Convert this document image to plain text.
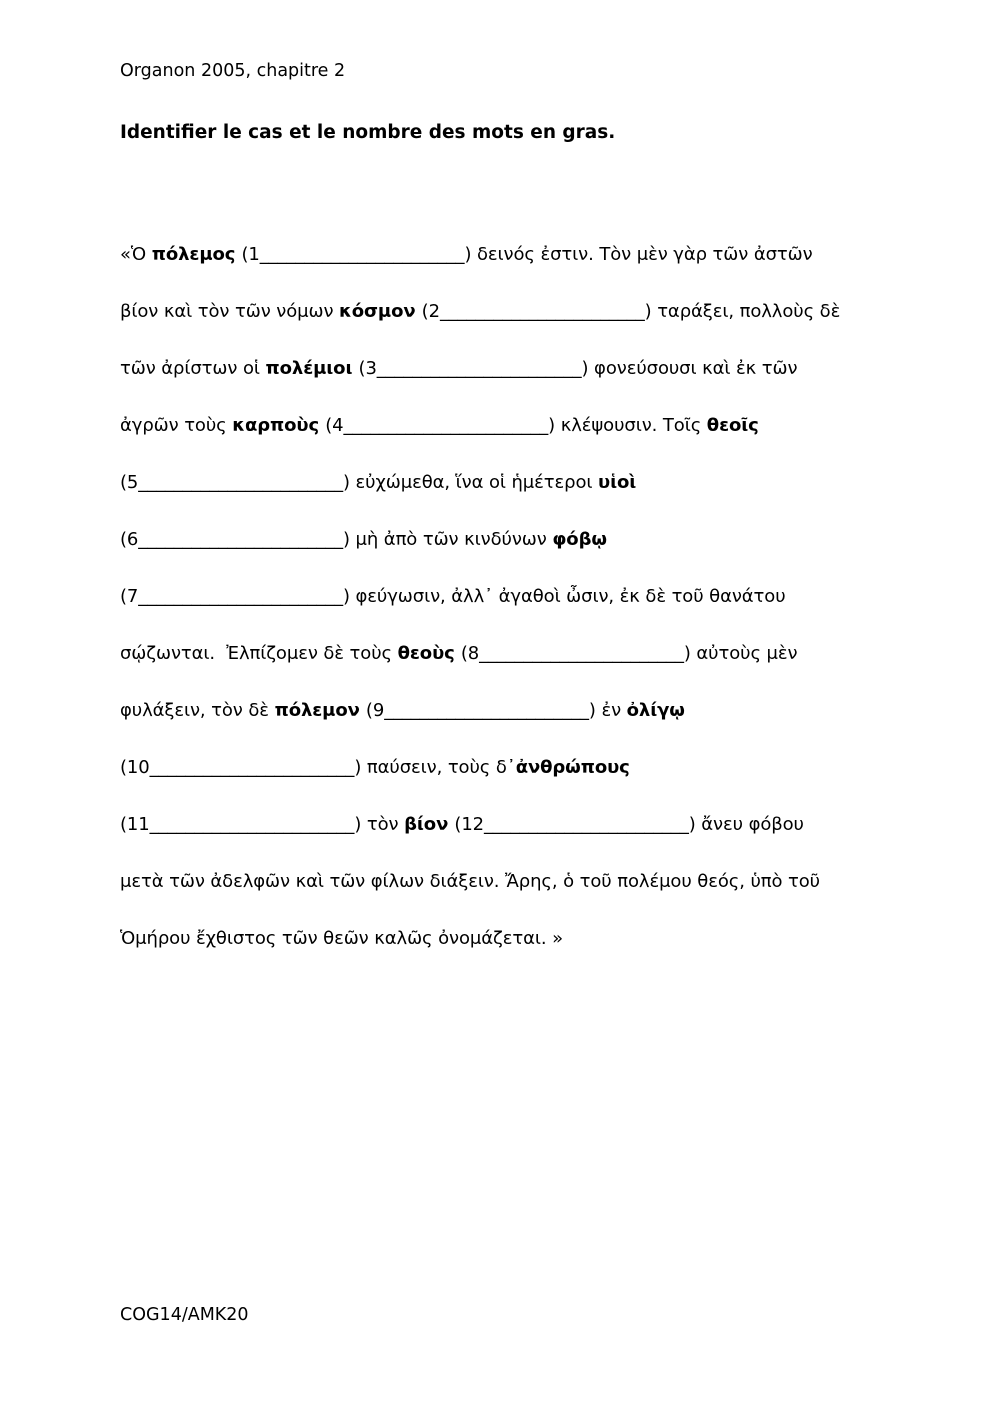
Organon 2005, chapitre 2
Identifier le cas et le nombre des mots en gras.

«Ὁ πόλεμος (1_______________________) δεινός ἐστιν. Τὸν μὲν γὰρ τῶν ἀστῶν

βίον καὶ τὸν τῶν νόμων κόσμον (2_______________________) ταράξει, πολλοὺς δὲ

τῶν ἀρίστων οἱ πολέμιοι (3_______________________) φονεύσουσι καὶ ἐκ τῶν

ἀγρῶν τοὺς καρποὺς (4_______________________) κλέψουσιν. Τοῖς θεοῖς

(5_______________________) εὐχώμεθα, ἵνα οἱ ἡμέτεροι υἱοὶ

(6_______________________) μὴ ἀπὸ τῶν κινδύνων φόβῳ

(7_______________________) φεύγωσιν, ἀλλ᾽ ἀγαθοὶ ὦσιν, ἐκ δὲ τοῦ θανάτου

σῴζωνται.  Ἐλπίζομεν δὲ τοὺς θεοὺς (8_______________________) αὐτοὺς μὲν

φυλάξειν, τὸν δὲ πόλεμον (9_______________________) ἐν ὀλίγῳ

(10_______________________) παύσειν, τοὺς δ᾽ἀνθρώπους

(11_______________________) τὸν βίον (12_______________________) ἄνευ φόβου

μετὰ τῶν ἀδελφῶν καὶ τῶν φίλων διάξειν. Ἄρης, ὁ τοῦ πολέμου θεός, ὑπὸ τοῦ

Ὁμήρου ἔχθιστος τῶν θεῶν καλῶς ὀνομάζεται. »

COG14/AMK20
